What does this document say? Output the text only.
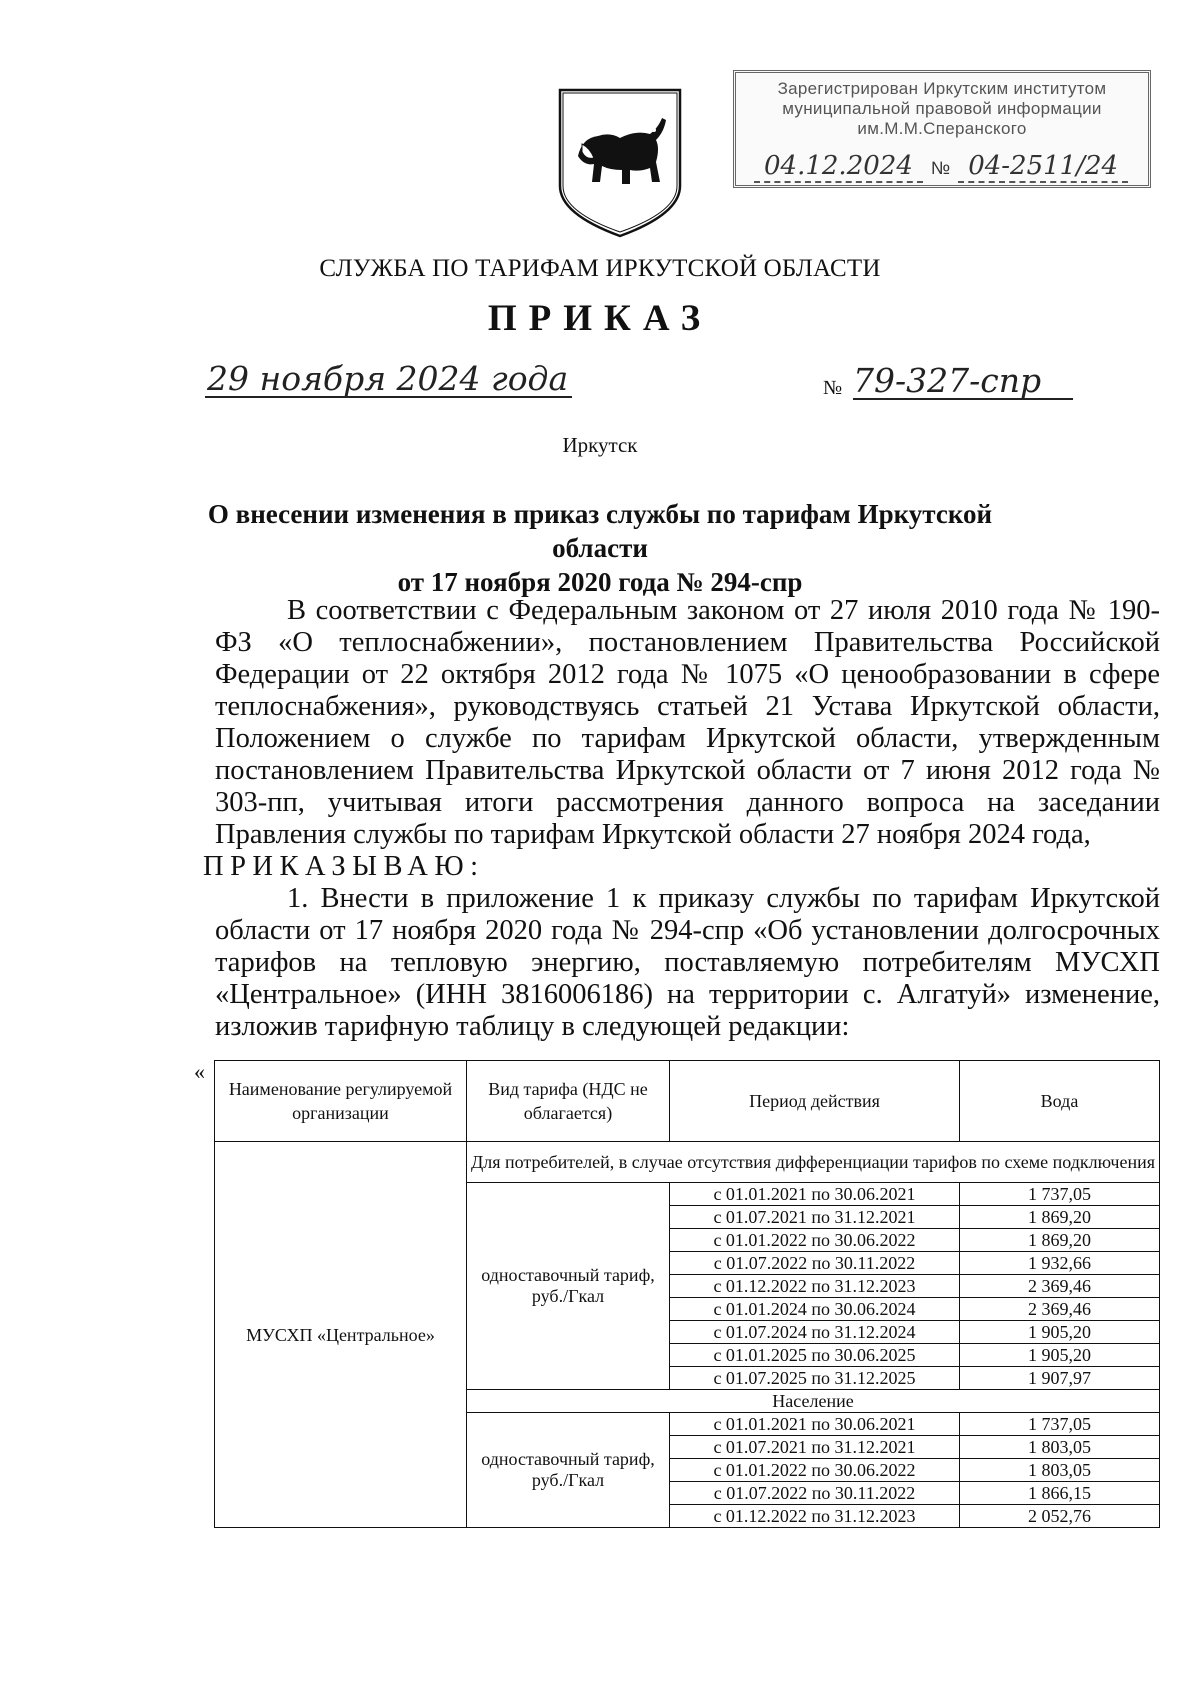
Зарегистрирован Иркутским институтом
муниципальной правовой информации
им.М.М.Сперанского
04.12.2024 № 04-2511/24
СЛУЖБА ПО ТАРИФАМ ИРКУТСКОЙ ОБЛАСТИ
ПРИКАЗ
29 ноября 2024 года	№ 79-327-спр
Иркутск
О внесении изменения в приказ службы по тарифам Иркутской области
от 17 ноября 2020 года № 294-спр
В соответствии с Федеральным законом от 27 июля 2010 года № 190-ФЗ «О теплоснабжении», постановлением Правительства Российской Федерации от 22 октября 2012 года № 1075 «О ценообразовании в сфере теплоснабжения», руководствуясь статьей 21 Устава Иркутской области, Положением о службе по тарифам Иркутской области, утвержденным постановлением Правительства Иркутской области от 7 июня 2012 года № 303-пп, учитывая итоги рассмотрения данного вопроса на заседании Правления службы по тарифам Иркутской области 27 ноября 2024 года,
ПРИКАЗЫВАЮ:
1. Внести в приложение 1 к приказу службы по тарифам Иркутской области от 17 ноября 2020 года № 294-спр «Об установлении долгосрочных тарифов на тепловую энергию, поставляемую потребителям МУСХП «Центральное» (ИНН 3816006186) на территории с. Алгатуй» изменение, изложив тарифную таблицу в следующей редакции:
«
Наименование регулируемой организации	Вид тарифа (НДС не облагается)	Период действия	Вода
МУСХП «Центральное»	Для потребителей, в случае отсутствия дифференциации тарифов по схеме подключения		
	одноставочный тариф, руб./Гкал	с 01.01.2021 по 30.06.2021	1 737,05
		с 01.07.2021 по 31.12.2021	1 869,20
		с 01.01.2022 по 30.06.2022	1 869,20
		с 01.07.2022 по 30.11.2022	1 932,66
		с 01.12.2022 по 31.12.2023	2 369,46
		с 01.01.2024 по 30.06.2024	2 369,46
		с 01.07.2024 по 31.12.2024	1 905,20
		с 01.01.2025 по 30.06.2025	1 905,20
		с 01.07.2025 по 31.12.2025	1 907,97
	Население		
	одноставочный тариф, руб./Гкал	с 01.01.2021 по 30.06.2021	1 737,05
		с 01.07.2021 по 31.12.2021	1 803,05
		с 01.01.2022 по 30.06.2022	1 803,05
		с 01.07.2022 по 30.11.2022	1 866,15
		с 01.12.2022 по 31.12.2023	2 052,76
